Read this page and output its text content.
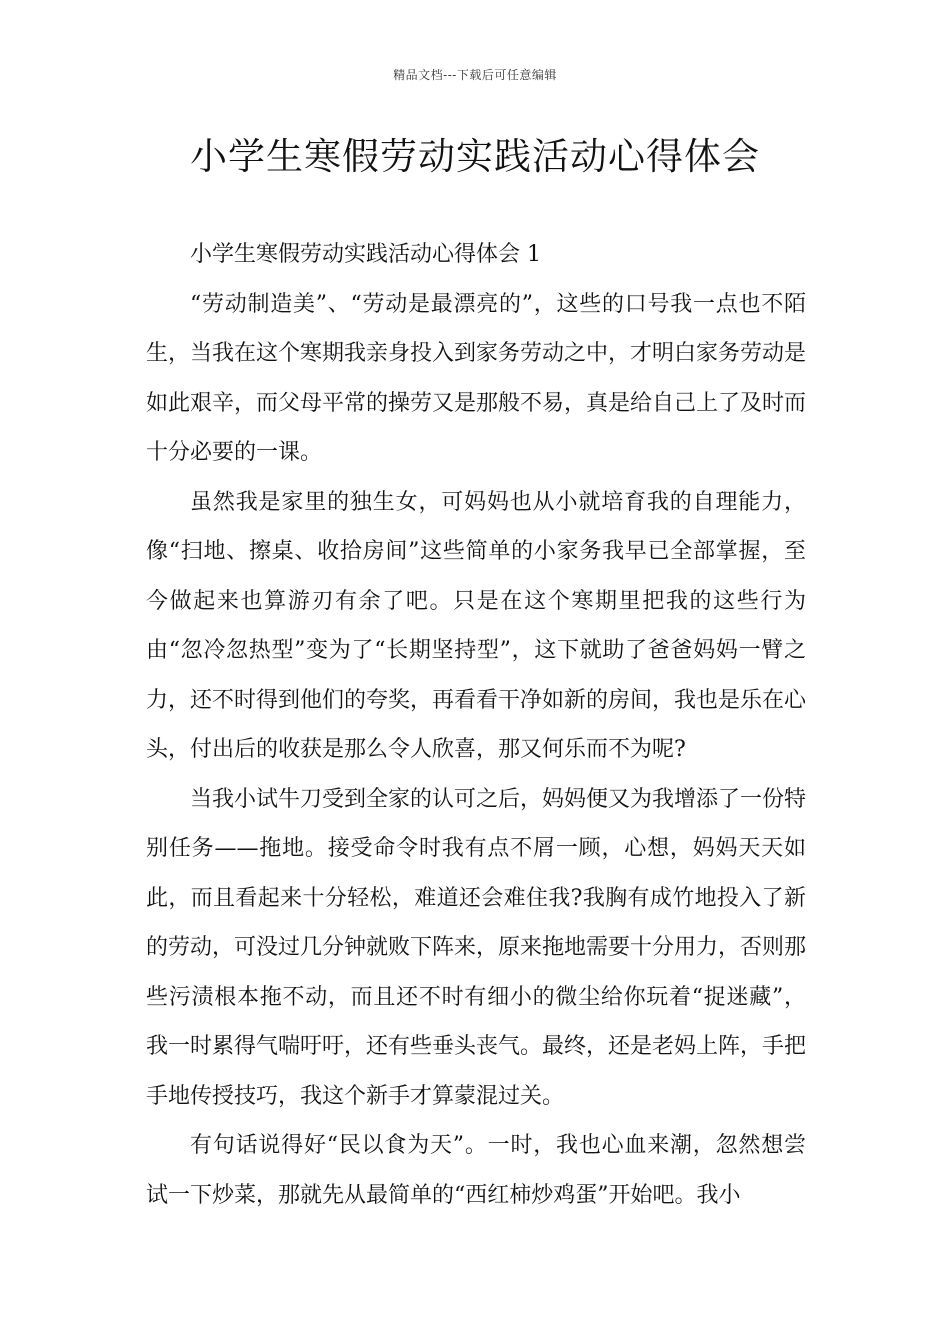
精品文档---下载后可任意编辑
小学生寒假劳动实践活动心得体会

小学生寒假劳动实践活动心得体会 1

“劳动制造美”、“劳动是最漂亮的”，这些的口号我一点也不陌生，当我在这个寒期我亲身投入到家务劳动之中，才明白家务劳动是如此艰辛，而父母平常的操劳又是那般不易，真是给自己上了及时而十分必要的一课。

虽然我是家里的独生女，可妈妈也从小就培育我的自理能力，像“扫地、擦桌、收拾房间”这些简单的小家务我早已全部掌握，至今做起来也算游刃有余了吧。只是在这个寒期里把我的这些行为由“忽冷忽热型”变为了“长期坚持型”，这下就助了爸爸妈妈一臂之力，还不时得到他们的夸奖，再看看干净如新的房间，我也是乐在心头，付出后的收获是那么令人欣喜，那又何乐而不为呢?

当我小试牛刀受到全家的认可之后，妈妈便又为我增添了一份特别任务——拖地。接受命令时我有点不屑一顾，心想，妈妈天天如此，而且看起来十分轻松，难道还会难住我?我胸有成竹地投入了新的劳动，可没过几分钟就败下阵来，原来拖地需要十分用力，否则那些污渍根本拖不动，而且还不时有细小的微尘给你玩着“捉迷藏”，我一时累得气喘吁吁，还有些垂头丧气。最终，还是老妈上阵，手把手地传授技巧，我这个新手才算蒙混过关。

有句话说得好“民以食为天”。一时，我也心血来潮，忽然想尝试一下炒菜，那就先从最简单的“西红柿炒鸡蛋”开始吧。我小
